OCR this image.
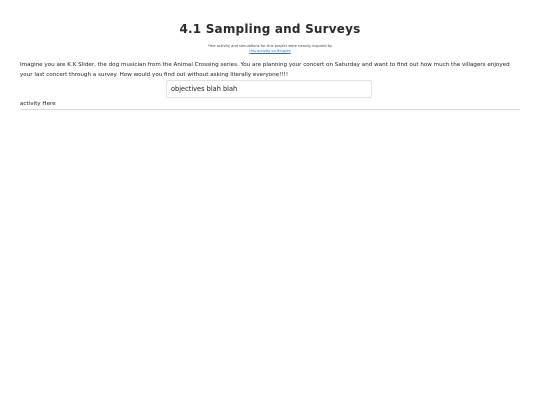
4.1 Sampling and Surveys
*the activity and simulations for this project were heavily inspired by
this activity on Bing/ed
Imagine you are K.K Slider, the dog musician from the Animal Crossing series. You are planning your concert on Saturday and want to find out how much the villagers enjoyed your last concert through a survey. How would you find out without asking literally everyone!!!!
objectives blah blah
activity Here
